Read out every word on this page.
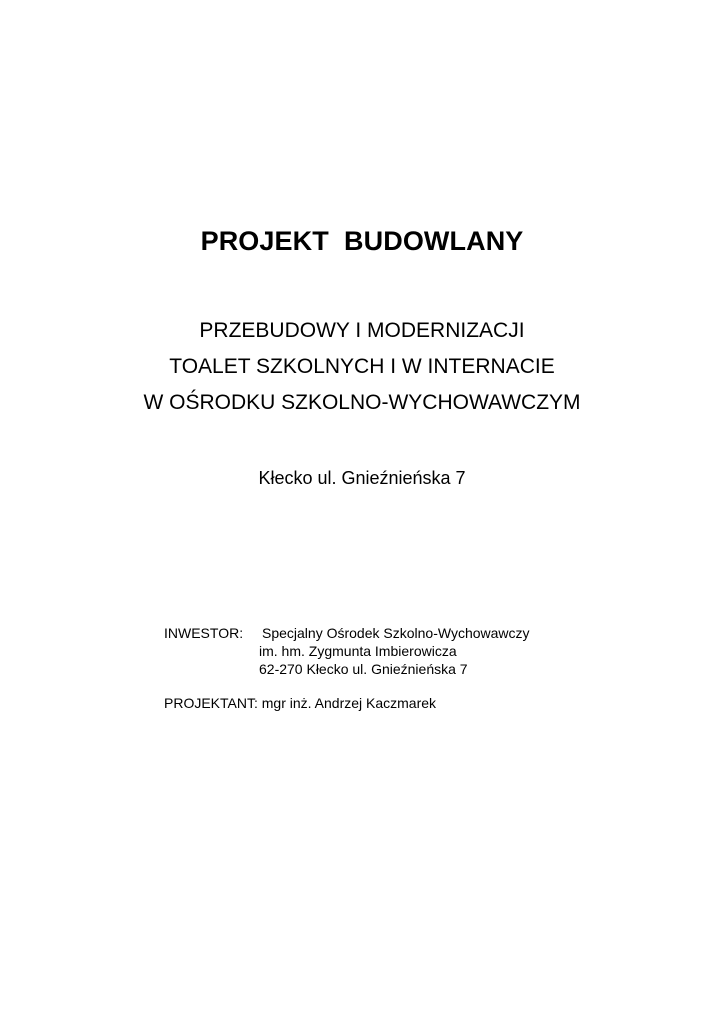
PROJEKT  BUDOWLANY
PRZEBUDOWY I MODERNIZACJI
TOALET SZKOLNYCH I W INTERNACIE
W OŚRODKU SZKOLNO-WYCHOWAWCZYM
Kłecko ul. Gnieźnieńska 7
INWESTOR:	Specjalny Ośrodek Szkolno-Wychowawczy
im. hm. Zygmunta Imbierowicza
62-270 Kłecko ul. Gnieźnieńska 7
PROJEKTANT: mgr inż. Andrzej Kaczmarek
